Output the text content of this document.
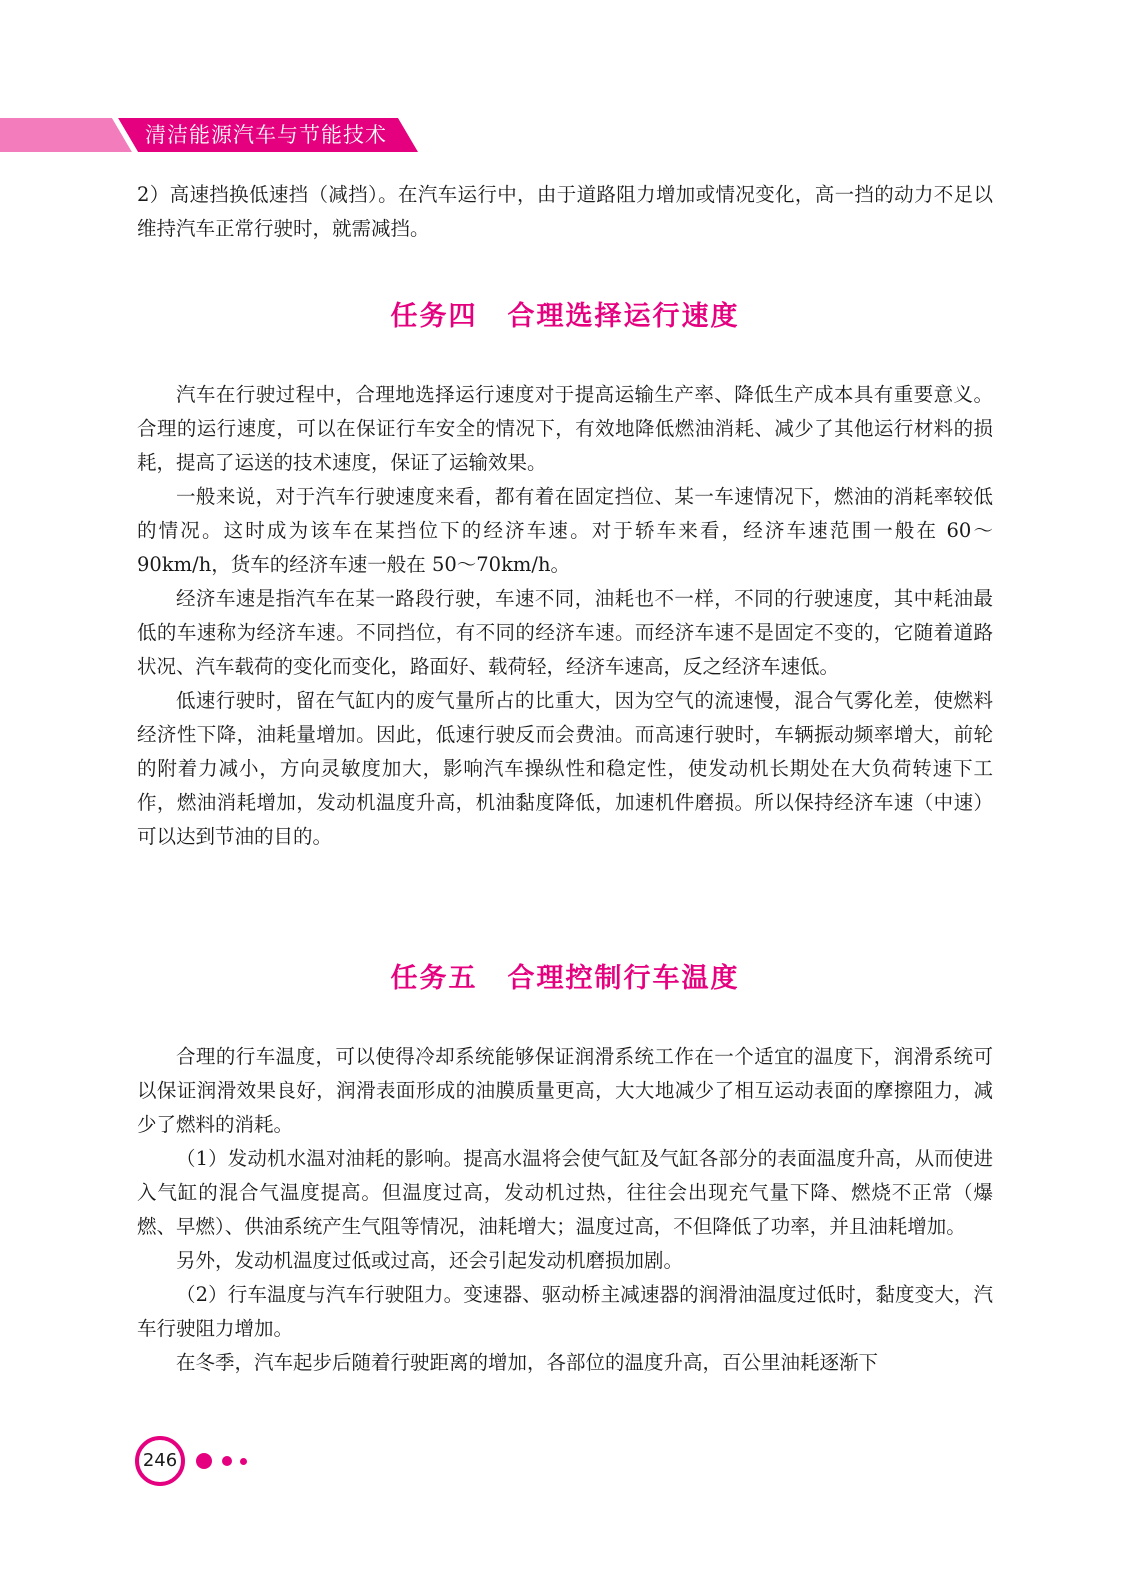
清洁能源汽车与节能技术

2）高速挡换低速挡（减挡）。在汽车运行中，由于道路阻力增加或情况变化，高一挡的动力不足以维持汽车正常行驶时，就需减挡。

任务四 合理选择运行速度

汽车在行驶过程中，合理地选择运行速度对于提高运输生产率、降低生产成本具有重要意义。合理的运行速度，可以在保证行车安全的情况下，有效地降低燃油消耗、减少了其他运行材料的损耗，提高了运送的技术速度，保证了运输效果。

一般来说，对于汽车行驶速度来看，都有着在固定挡位、某一车速情况下，燃油的消耗率较低的情况。这时成为该车在某挡位下的经济车速。对于轿车来看，经济车速范围一般在 60～90km/h，货车的经济车速一般在 50～70km/h。

经济车速是指汽车在某一路段行驶，车速不同，油耗也不一样，不同的行驶速度，其中耗油最低的车速称为经济车速。不同挡位，有不同的经济车速。而经济车速不是固定不变的，它随着道路状况、汽车载荷的变化而变化，路面好、载荷轻，经济车速高，反之经济车速低。

低速行驶时，留在气缸内的废气量所占的比重大，因为空气的流速慢，混合气雾化差，使燃料经济性下降，油耗量增加。因此，低速行驶反而会费油。而高速行驶时，车辆振动频率增大，前轮的附着力减小，方向灵敏度加大，影响汽车操纵性和稳定性，使发动机长期处在大负荷转速下工作，燃油消耗增加，发动机温度升高，机油黏度降低，加速机件磨损。所以保持经济车速（中速）可以达到节油的目的。

任务五 合理控制行车温度

合理的行车温度，可以使得冷却系统能够保证润滑系统工作在一个适宜的温度下，润滑系统可以保证润滑效果良好，润滑表面形成的油膜质量更高，大大地减少了相互运动表面的摩擦阻力，减少了燃料的消耗。

（1）发动机水温对油耗的影响。提高水温将会使气缸及气缸各部分的表面温度升高，从而使进入气缸的混合气温度提高。但温度过高，发动机过热，往往会出现充气量下降、燃烧不正常（爆燃、早燃）、供油系统产生气阻等情况，油耗增大；温度过高，不但降低了功率，并且油耗增加。

另外，发动机温度过低或过高，还会引起发动机磨损加剧。

（2）行车温度与汽车行驶阻力。变速器、驱动桥主减速器的润滑油温度过低时，黏度变大，汽车行驶阻力增加。

在冬季，汽车起步后随着行驶距离的增加，各部位的温度升高，百公里油耗逐渐下

246
